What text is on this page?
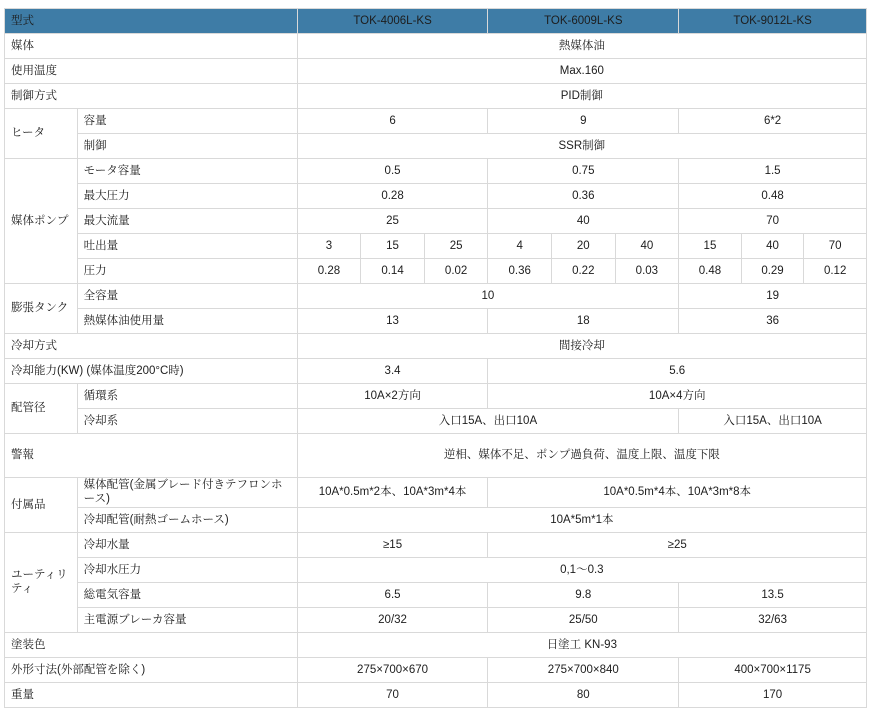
型式		TOK-4006L-KS			TOK-6009L-KS			TOK-9012L-KS		
媒体		熱媒体油								
使用温度		Max.160								
制御方式		PID制御								
ヒータ	容量	6			9			6*2		
	制御	SSR制御								
媒体ポンプ	モータ容量	0.5			0.75			1.5		
	最大圧力	0.28			0.36			0.48		
	最大流量	25			40			70		
	吐出量	3	15	25	4	20	40	15	40	70
	圧力	0.28	0.14	0.02	0.36	0.22	0.03	0.48	0.29	0.12
膨張タンク	全容量	10						19		
	熱媒体油使用量	13			18			36		
冷却方式		間接冷却								
冷却能力(KW) (媒体温度200°C時)		3.4			5.6					
配管径	循環系	10A×2方向			10A×4方向					
	冷却系	入口15A、出口10A						入口15A、出口10A		
警報		逆相、媒体不足、ポンプ過負荷、温度上限、温度下限								
付属品	媒体配管(金属ブレード付きテフロンホース)	10A*0.5m*2本、10A*3m*4本			10A*0.5m*4本、10A*3m*8本					
	冷却配管(耐熱ゴームホース)	10A*5m*1本								
ユーティリティ	冷却水量	≥15			≥25					
	冷却水圧力	0,1～0.3								
	総電気容量	6.5			9.8			13.5		
	主電源ブレーカ容量	20/32			25/50			32/63		
塗装色		日塗工 KN-93								
外形寸法(外部配管を除く)		275×700×670			275×700×840			400×700×1175		
重量		70			80			170		
